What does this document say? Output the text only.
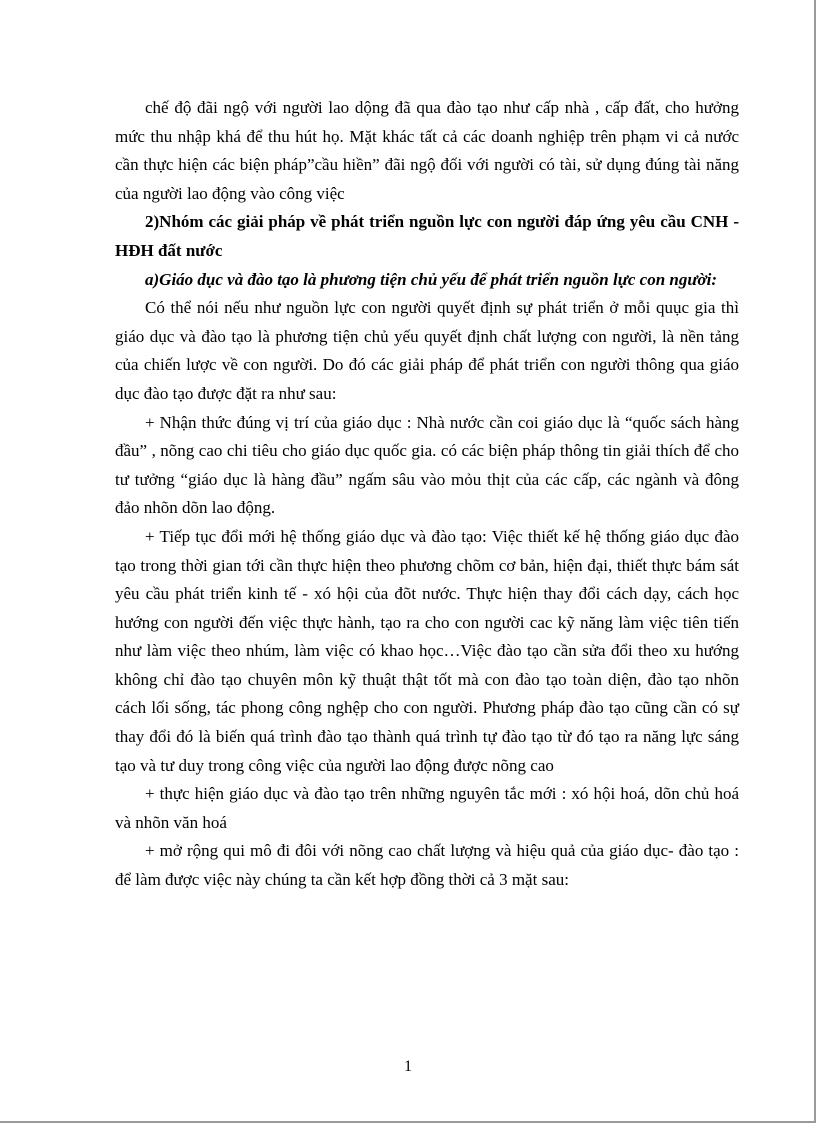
chế độ đãi ngộ với người lao dộng đã qua đào tạo như cấp nhà , cấp đất, cho hưởng mức thu nhập khá để thu hút họ. Mặt khác tất cả các doanh nghiệp trên phạm vi cả nước cần thực hiện các biện pháp”cầu hiền” đãi ngộ đối với người có tài, sử dụng đúng tài năng của người lao động vào công việc

2)Nhóm các giải pháp về phát triển nguồn lực con người đáp ứng yêu cầu CNH - HĐH đất nước

a)Giáo dục và đào tạo là phương tiện chủ yếu để phát triển nguồn lực con người:

Có thể nói nếu như nguồn lực con người quyết định sự phát triển ở mỗi quục gia thì giáo dục và đào tạo là phương tiện chủ yếu quyết định chất lượng con người, là nền tảng của chiến lược về con người. Do đó các giải pháp để phát triển con người thông qua giáo dục đào tạo được đặt ra như sau:

+ Nhận thức đúng vị trí của giáo dục : Nhà nước cần coi giáo dục là “quốc sách hàng đầu” , nõng cao chi tiêu cho giáo dục quốc gia. có các biện pháp thông tin giải thích để cho tư tưởng “giáo dục là hàng đầu” ngấm sâu vào mỏu thịt của các cấp, các ngành và đông đảo nhõn dõn lao động.

+ Tiếp tục đổi mới hệ thống giáo dục và đào tạo: Việc thiết kế hệ thống giáo dục đào tạo trong thời gian tới cần thực hiện theo phương chõm cơ bản, hiện đại, thiết thực bám sát yêu cầu phát triển kinh tế - xó hội của đõt nước. Thực hiện thay đổi cách dạy, cách học hướng con người đến việc thực hành, tạo ra cho con người cac kỹ năng làm việc tiên tiến như làm việc theo nhúm, làm việc có khao học…Việc đào tạo cần sửa đổi theo xu hướng không chỉ đào tạo chuyên môn kỹ thuật thật tốt mà con đào tạo toàn diện, đào tạo nhõn cách lối sống, tác phong công nghệp cho con người. Phương pháp đào tạo cũng cần có sự thay đổi đó là biến quá trình đào tạo thành quá trình tự đào tạo từ đó tạo ra năng lực sáng tạo và tư duy trong công việc của người lao động được nõng cao

+ thực hiện giáo dục và đào tạo trên những nguyên tắc mới : xó hội hoá, dõn chủ hoá và nhõn văn hoá

+ mở rộng qui mô đi đôi với nõng cao chất lượng và hiệu quả của giáo dục- đào tạo : để làm được việc này chúng ta cần kết hợp đồng thời cả 3 mặt sau:

1
